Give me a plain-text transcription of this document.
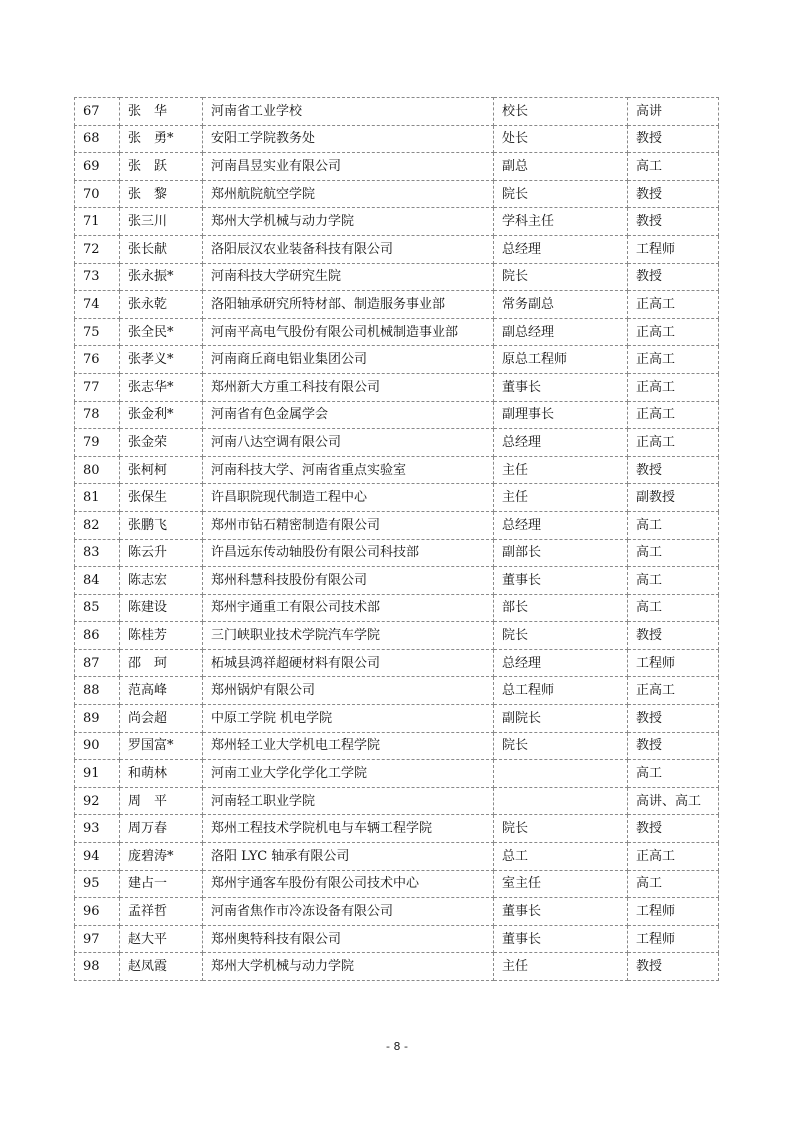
67	张　华	河南省工业学校	校长	高讲
68	张　勇*	安阳工学院教务处	处长	教授
69	张　跃	河南昌昱实业有限公司	副总	高工
70	张　黎	郑州航院航空学院	院长	教授
71	张三川	郑州大学机械与动力学院	学科主任	教授
72	张长献	洛阳辰汉农业装备科技有限公司	总经理	工程师
73	张永振*	河南科技大学研究生院	院长	教授
74	张永乾	洛阳轴承研究所特材部、制造服务事业部	常务副总	正高工
75	张全民*	河南平高电气股份有限公司机械制造事业部	副总经理	正高工
76	张孝义*	河南商丘商电铝业集团公司	原总工程师	正高工
77	张志华*	郑州新大方重工科技有限公司	董事长	正高工
78	张金利*	河南省有色金属学会	副理事长	正高工
79	张金荣	河南八达空调有限公司	总经理	正高工
80	张柯柯	河南科技大学、河南省重点实验室	主任	教授
81	张保生	许昌职院现代制造工程中心	主任	副教授
82	张鹏飞	郑州市钻石精密制造有限公司	总经理	高工
83	陈云升	许昌远东传动轴股份有限公司科技部	副部长	高工
84	陈志宏	郑州科慧科技股份有限公司	董事长	高工
85	陈建设	郑州宇通重工有限公司技术部	部长	高工
86	陈桂芳	三门峡职业技术学院汽车学院	院长	教授
87	邵　珂	柘城县鸿祥超硬材料有限公司	总经理	工程师
88	范高峰	郑州锅炉有限公司	总工程师	正高工
89	尚会超	中原工学院 机电学院	副院长	教授
90	罗国富*	郑州轻工业大学机电工程学院	院长	教授
91	和萌林	河南工业大学化学化工学院		高工
92	周　平	河南轻工职业学院		高讲、高工
93	周万春	郑州工程技术学院机电与车辆工程学院	院长	教授
94	庞碧涛*	洛阳 LYC 轴承有限公司	总工	正高工
95	建占一	郑州宇通客车股份有限公司技术中心	室主任	高工
96	孟祥哲	河南省焦作市冷冻设备有限公司	董事长	工程师
97	赵大平	郑州奥特科技有限公司	董事长	工程师
98	赵凤霞	郑州大学机械与动力学院	主任	教授
- 8 -
